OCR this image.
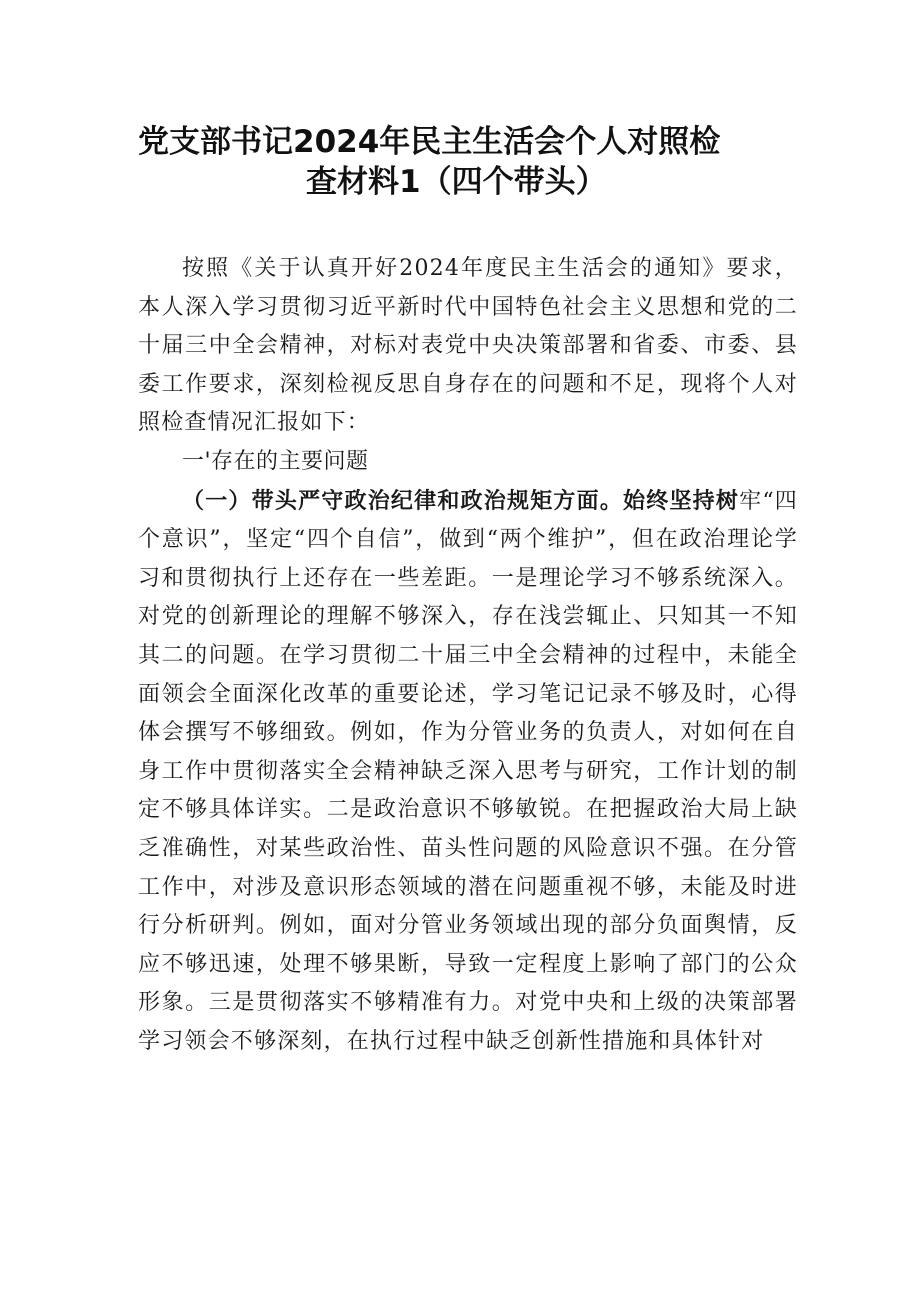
党支部书记2024年民主生活会个人对照检
查材料1（四个带头）

按照《关于认真开好2024年度民主生活会的通知》要求，本人深入学习贯彻习近平新时代中国特色社会主义思想和党的二十届三中全会精神，对标对表党中央决策部署和省委、市委、县委工作要求，深刻检视反思自身存在的问题和不足，现将个人对照检查情况汇报如下：

一'存在的主要问题

（一）带头严守政治纪律和政治规矩方面。始终坚持树牢“四个意识”，坚定“四个自信”，做到“两个维护”，但在政治理论学习和贯彻执行上还存在一些差距。一是理论学习不够系统深入。对党的创新理论的理解不够深入，存在浅尝辄止、只知其一不知其二的问题。在学习贯彻二十届三中全会精神的过程中，未能全面领会全面深化改革的重要论述，学习笔记记录不够及时，心得体会撰写不够细致。例如，作为分管业务的负责人，对如何在自身工作中贯彻落实全会精神缺乏深入思考与研究，工作计划的制定不够具体详实。二是政治意识不够敏锐。在把握政治大局上缺乏准确性，对某些政治性、苗头性问题的风险意识不强。在分管工作中，对涉及意识形态领域的潜在问题重视不够，未能及时进行分析研判。例如，面对分管业务领域出现的部分负面舆情，反应不够迅速，处理不够果断，导致一定程度上影响了部门的公众形象。三是贯彻落实不够精准有力。对党中央和上级的决策部署学习领会不够深刻，在执行过程中缺乏创新性措施和具体针对
